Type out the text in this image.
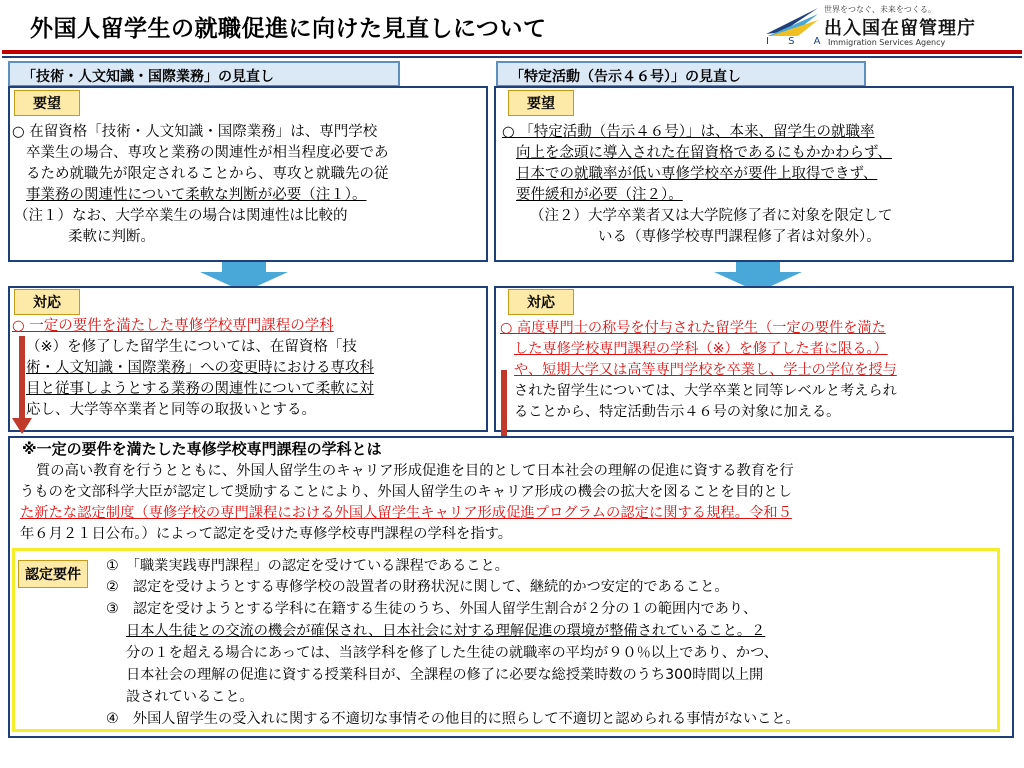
外国人留学生の就職促進に向けた見直しについて	I S A
世界をつなぐ、未来をつくる。
出入国在留管理庁
Immigration Services Agency
「技術・人文知識・国際業務」の見直し
要望
○ 在留資格「技術・人文知識・国際業務」は、専門学校
卒業生の場合、専攻と業務の関連性が相当程度必要であ
るため就職先が限定されることから、専攻と就職先の従
事業務の関連性について柔軟な判断が必要（注１）。
（注１）なお、大学卒業生の場合は関連性は比較的
柔軟に判断。
対応
○ 一定の要件を満たした専修学校専門課程の学科
（※）を修了した留学生については、在留資格「技
術・人文知識・国際業務」への変更時における専攻科
目と従事しようとする業務の関連性について柔軟に対
応し、大学等卒業者と同等の取扱いとする。
「特定活動（告示４６号）」の見直し
要望
○ 「特定活動（告示４６号）」は、本来、留学生の就職率
向上を念頭に導入された在留資格であるにもかかわらず、
日本での就職率が低い専修学校卒が要件上取得できず、
要件緩和が必要（注２）。
（注２）大学卒業者又は大学院修了者に対象を限定して
いる（専修学校専門課程修了者は対象外）。
対応
○ 高度専門士の称号を付与された留学生（一定の要件を満た
した専修学校専門課程の学科（※）を修了した者に限る。）
や、短期大学又は高等専門学校を卒業し、学士の学位を授与
された留学生については、大学卒業と同等レベルと考えられ
ることから、特定活動告示４６号の対象に加える。
※一定の要件を満たした専修学校専門課程の学科とは
質の高い教育を行うとともに、外国人留学生のキャリア形成促進を目的として日本社会の理解の促進に資する教育を行
うものを文部科学大臣が認定して奨励することにより、外国人留学生のキャリア形成の機会の拡大を図ることを目的とし
た新たな認定制度（専修学校の専門課程における外国人留学生キャリア形成促進プログラムの認定に関する規程。令和５
年６月２１日公布。）によって認定を受けた専修学校専門課程の学科を指す。
認定要件
①　「職業実践専門課程」の認定を受けている課程であること。
②　認定を受けようとする専修学校の設置者の財務状況に関して、継続的かつ安定的であること。
③　認定を受けようとする学科に在籍する生徒のうち、外国人留学生割合が２分の１の範囲内であり、
日本人生徒との交流の機会が確保され、日本社会に対する理解促進の環境が整備されていること。２
分の１を超える場合にあっては、当該学科を修了した生徒の就職率の平均が９０％以上であり、かつ、
日本社会の理解の促進に資する授業科目が、全課程の修了に必要な総授業時数のうち300時間以上開
設されていること。
④　外国人留学生の受入れに関する不適切な事情その他目的に照らして不適切と認められる事情がないこと。
